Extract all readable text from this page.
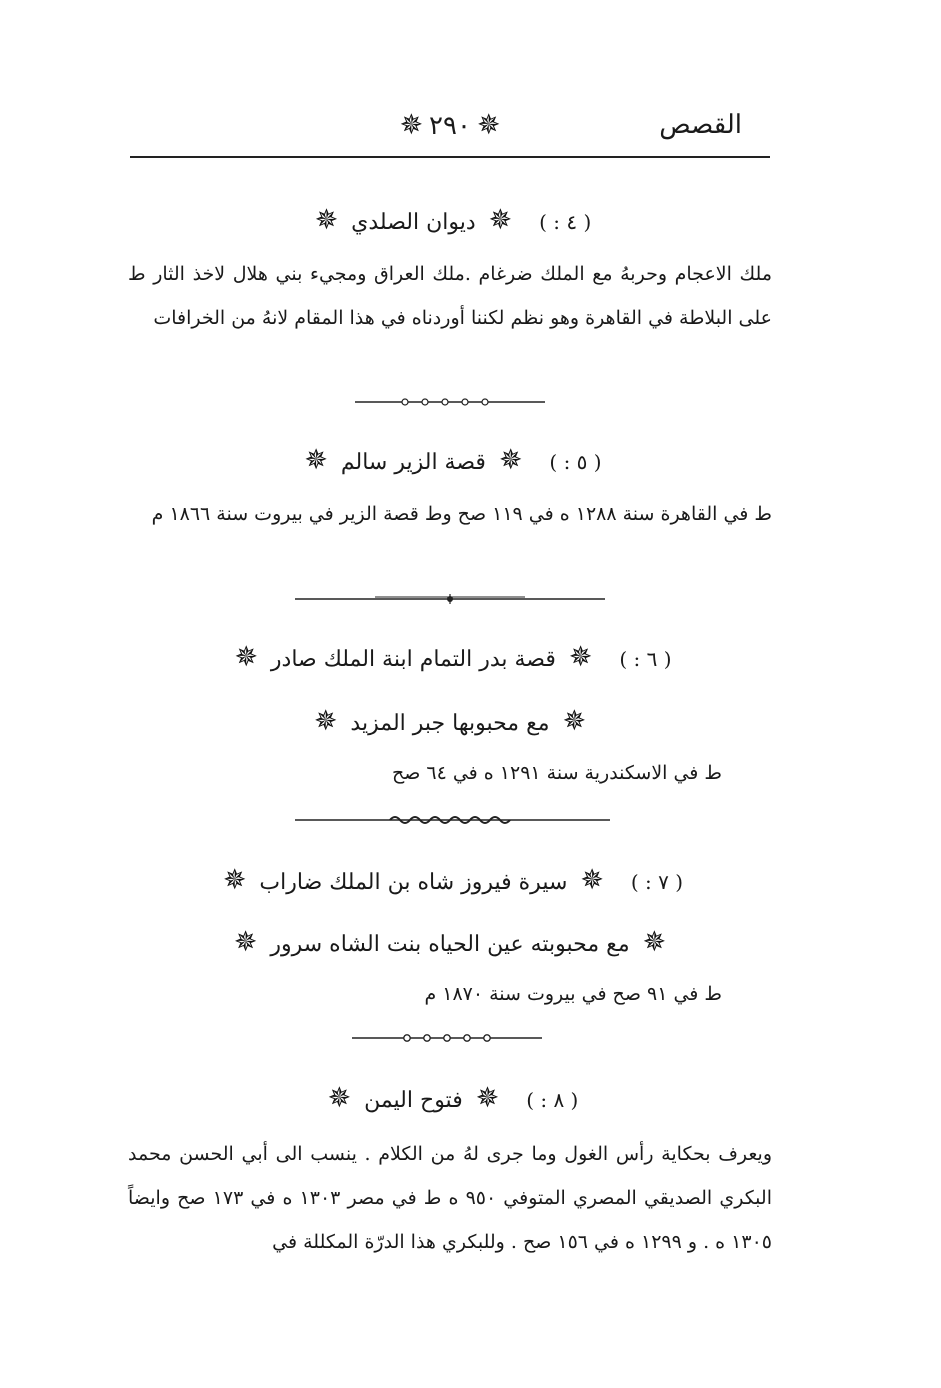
القصص
✵٢٩٠✵
( ٤ : ) ✵ ديوان الصلدي ✵
ملك الاعجام وحربهُ مع الملك ضرغام .ملك العراق ومجيء بني هلال لاخذ الثار ط على البلاطة في القاهرة وهو نظم لكننا أوردناه في هذا المقام لانهُ من الخرافات
( ٥ : ) ✵ قصة الزير سالم ✵
ط في القاهرة سنة ١٢٨٨ ه في ١١٩ صح وط قصة الزير في بيروت سنة ١٨٦٦ م
( ٦ : ) ✵ قصة بدر التمام ابنة الملك صادر ✵
✵ مع محبوبها جبر المزيد ✵
ط في الاسكندرية سنة ١٢٩١ ه في ٦٤ صح
( ٧ : ) ✵ سيرة فيروز شاه بن الملك ضاراب ✵
✵ مع محبوبته عين الحياه بنت الشاه سرور ✵
ط في ٩١ صح في بيروت سنة ١٨٧٠ م
( ٨ : ) ✵ فتوح اليمن ✵
ويعرف بحكاية رأس الغول وما جرى لهُ من الكلام . ينسب الى أبي الحسن محمد البكري الصديقي المصري المتوفي ٩٥٠ ه ط في مصر ١٣٠٣ ه في ١٧٣ صح وايضاً ١٣٠٥ ه . و ١٢٩٩ ه في ١٥٦ صح . وللبكري هذا الدرّة المكللة في
